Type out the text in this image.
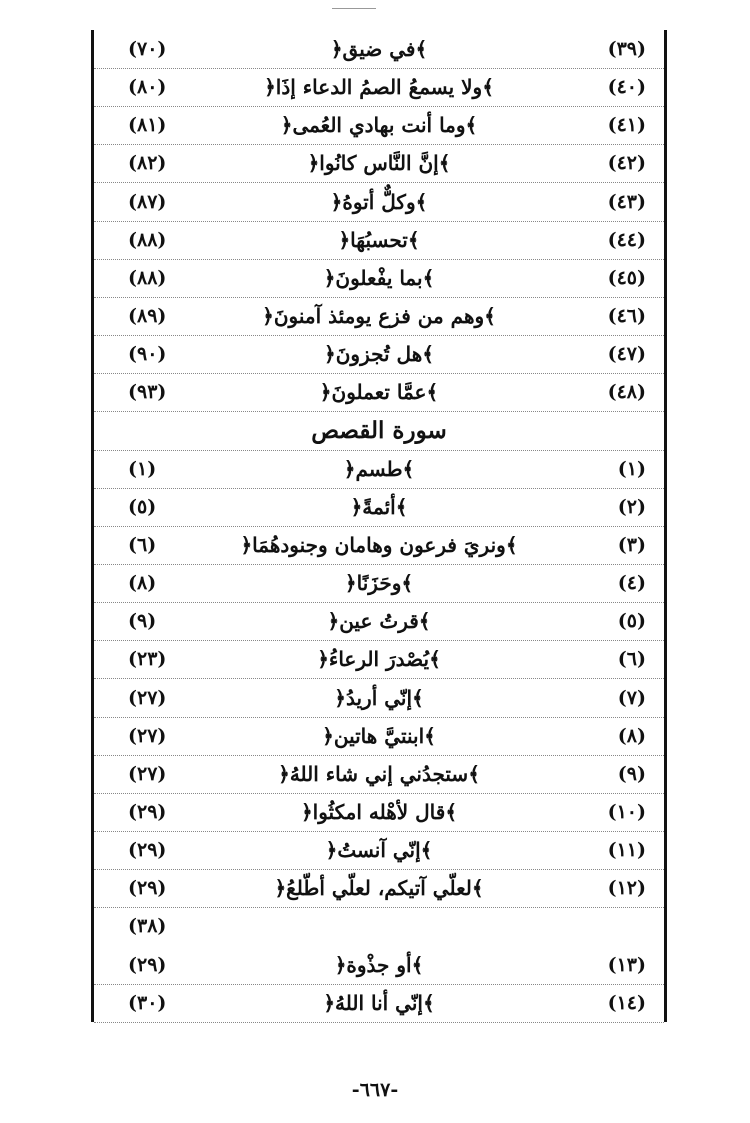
(٧٠)	﴿في ضيق﴾	(٣٩)
(٨٠)	﴿ولا يسمعُ الصمُ الدعاء إذَا﴾	(٤٠)
(٨١)	﴿وما أنت بهادي العُمى﴾	(٤١)
(٨٢)	﴿إنَّ النَّاس كانُوا﴾	(٤٢)
(٨٧)	﴿وكلٌّ أتوهُ﴾	(٤٣)
(٨٨)	﴿تحسبُهَا﴾	(٤٤)
(٨٨)	﴿بما يفْعلونَ﴾	(٤٥)
(٨٩)	﴿وهم من فزع يومئذ آمنونَ﴾	(٤٦)
(٩٠)	﴿هل تُجزونَ﴾	(٤٧)
(٩٣)	﴿عمَّا تعملونَ﴾	(٤٨)
سورة القصص
(١)	﴿طسم﴾	(١)
(٥)	﴿أئمةً﴾	(٢)
(٦)	﴿ونريَ فرعون وهامان وجنودهُمَا﴾	(٣)
(٨)	﴿وحَزَنًا﴾	(٤)
(٩)	﴿قرتُ عين﴾	(٥)
(٢٣)	﴿يُصْدرَ الرعاءُ﴾	(٦)
(٢٧)	﴿إنّي أريدُ﴾	(٧)
(٢٧)	﴿ابنتيَّ هاتين﴾	(٨)
(٢٧)	﴿ستجدُني إني شاء اللهُ﴾	(٩)
(٢٩)	﴿قال لأهْله امكثُوا﴾	(١٠)
(٢٩)	﴿إنّي آنستُ﴾	(١١)
(٢٩)	﴿لعلّي آتيكم، لعلّي أطّلعُ﴾	(١٢)
(٣٨)
(٢٩)	﴿أو جذْوة﴾	(١٣)
(٣٠)	﴿إنّي أنا اللهُ﴾	(١٤)
-٦٦٧-
